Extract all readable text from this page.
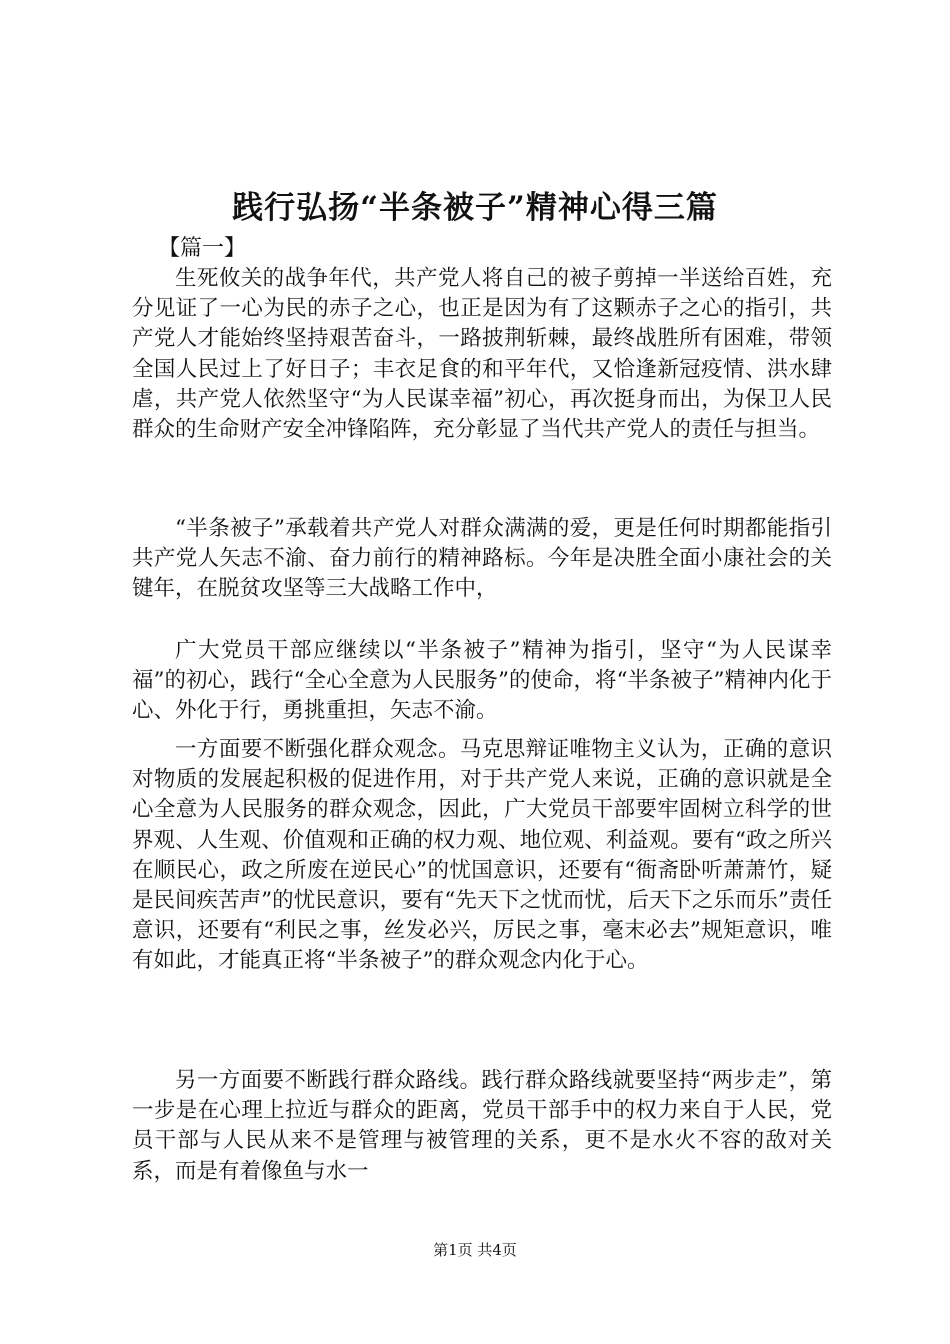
践行弘扬“半条被子”精神心得三篇
【篇一】

生死攸关的战争年代，共产党人将自己的被子剪掉一半送给百姓，充分见证了一心为民的赤子之心，也正是因为有了这颗赤子之心的指引，共产党人才能始终坚持艰苦奋斗，一路披荆斩棘，最终战胜所有困难，带领全国人民过上了好日子；丰衣足食的和平年代，又恰逢新冠疫情、洪水肆虐，共产党人依然坚守“为人民谋幸福”初心，再次挺身而出，为保卫人民群众的生命财产安全冲锋陷阵，充分彰显了当代共产党人的责任与担当。

“半条被子”承载着共产党人对群众满满的爱，更是任何时期都能指引共产党人矢志不渝、奋力前行的精神路标。今年是决胜全面小康社会的关键年，在脱贫攻坚等三大战略工作中，

广大党员干部应继续以“半条被子”精神为指引，坚守“为人民谋幸福”的初心，践行“全心全意为人民服务”的使命，将“半条被子”精神内化于心、外化于行，勇挑重担，矢志不渝。

一方面要不断强化群众观念。马克思辩证唯物主义认为，正确的意识对物质的发展起积极的促进作用，对于共产党人来说，正确的意识就是全心全意为人民服务的群众观念，因此，广大党员干部要牢固树立科学的世界观、人生观、价值观和正确的权力观、地位观、利益观。要有“政之所兴在顺民心，政之所废在逆民心”的忧国意识，还要有“衙斋卧听萧萧竹，疑是民间疾苦声”的忧民意识，要有“先天下之忧而忧，后天下之乐而乐”责任意识，还要有“利民之事，丝发必兴，厉民之事，毫末必去”规矩意识，唯有如此，才能真正将“半条被子”的群众观念内化于心。

另一方面要不断践行群众路线。践行群众路线就要坚持“两步走”，第一步是在心理上拉近与群众的距离，党员干部手中的权力来自于人民，党员干部与人民从来不是管理与被管理的关系，更不是水火不容的敌对关系，而是有着像鱼与水一

第1页 共4页
